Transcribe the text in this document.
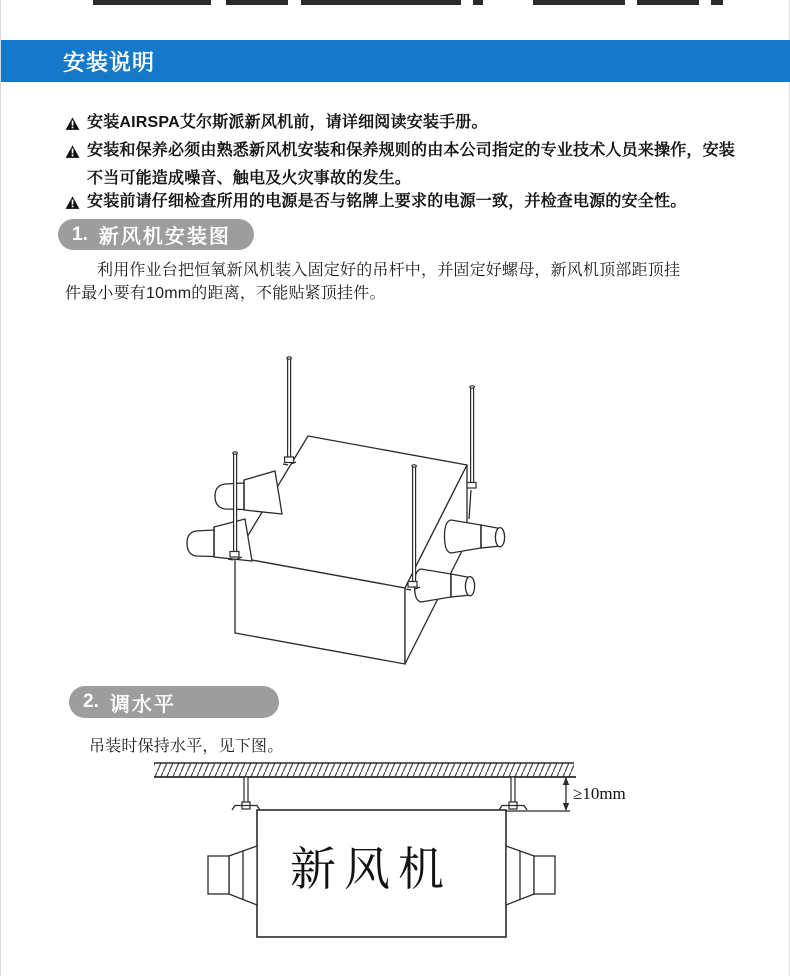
安装说明
安装AIRSPA艾尔斯派新风机前，请详细阅读安装手册。
安装和保养必须由熟悉新风机安装和保养规则的由本公司指定的专业技术人员来操作，安装
不当可能造成噪音、触电及火灾事故的发生。
安装前请仔细检查所用的电源是否与铭牌上要求的电源一致，并检查电源的安全性。
1. 新风机安装图
利用作业台把恒氧新风机装入固定好的吊杆中，并固定好螺母，新风机顶部距顶挂
件最小要有10mm的距离，不能贴紧顶挂件。
2. 调水平
吊装时保持水平，见下图。
新风机
≥10mm
